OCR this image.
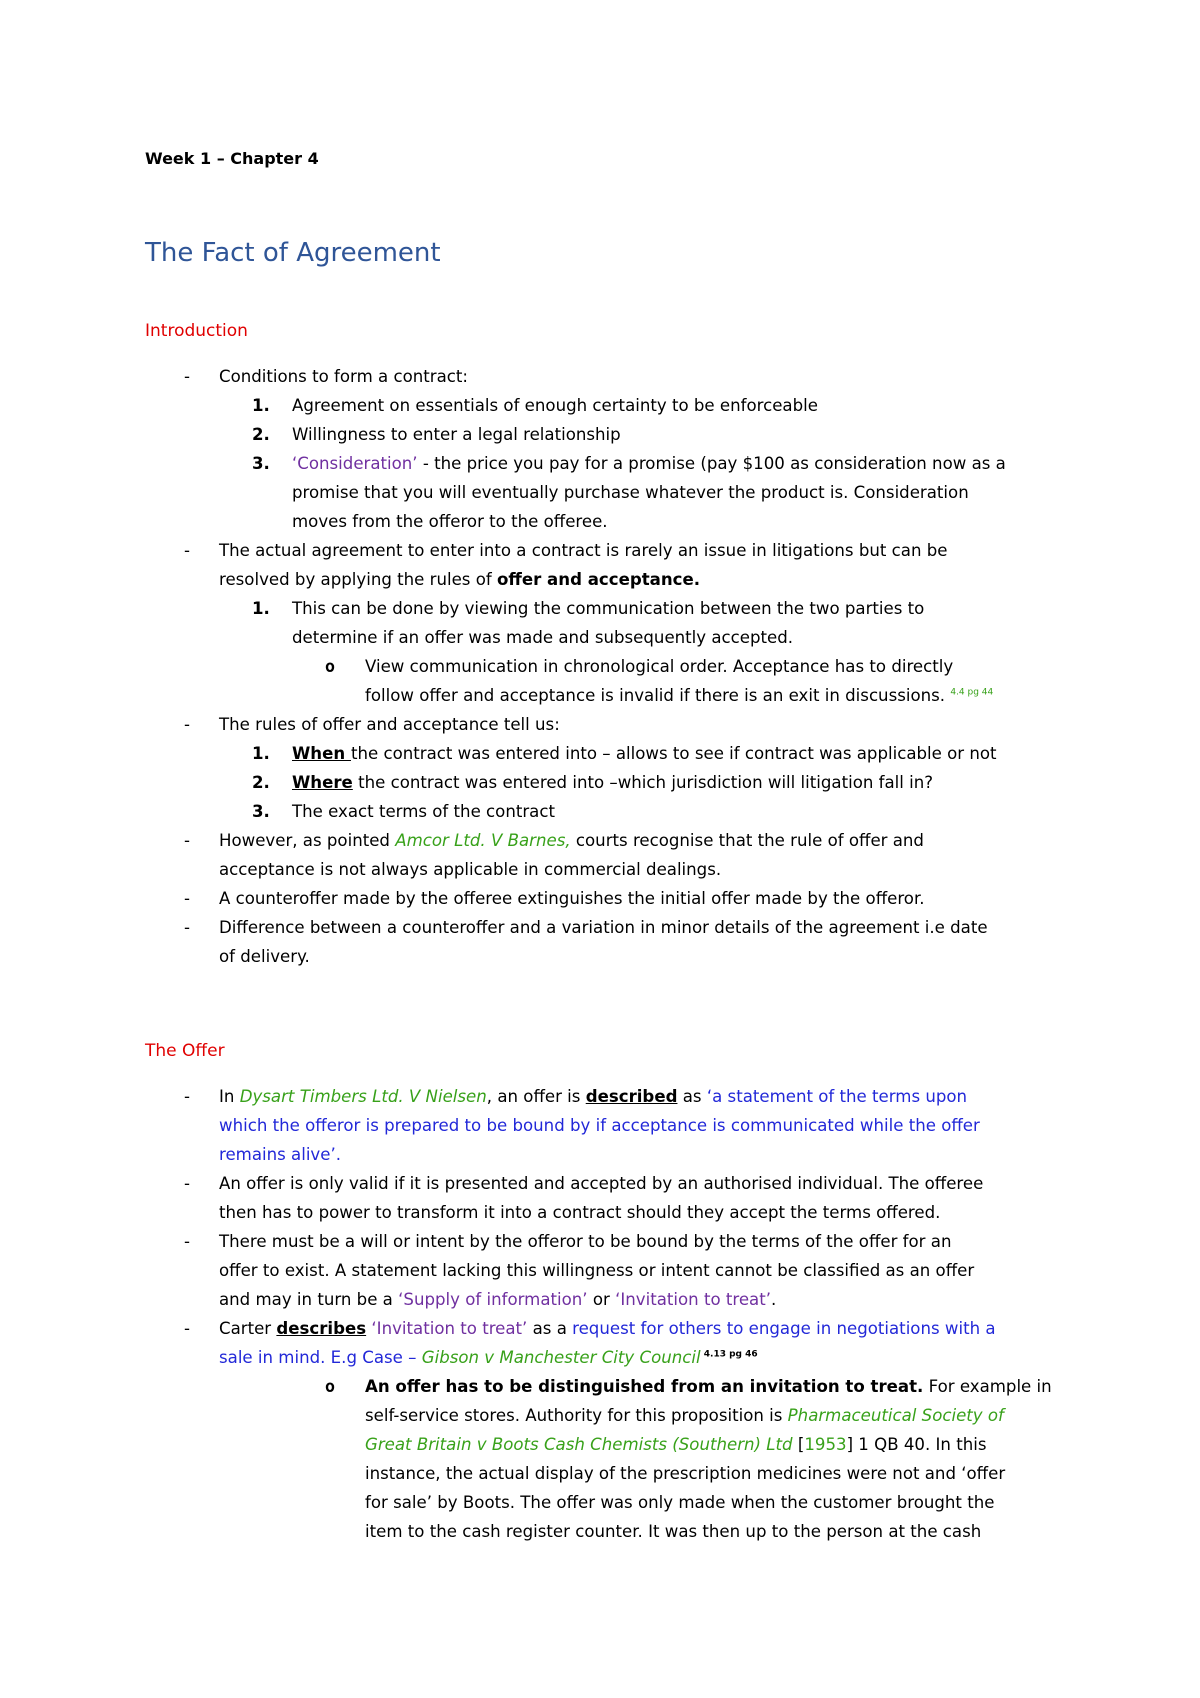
Week 1 – Chapter 4
The Fact of Agreement
Introduction
- Conditions to form a contract:
1. Agreement on essentials of enough certainty to be enforceable
2. Willingness to enter a legal relationship
3. ‘Consideration’ - the price you pay for a promise (pay $100 as consideration now as a
promise that you will eventually purchase whatever the product is. Consideration
moves from the offeror to the offeree.
- The actual agreement to enter into a contract is rarely an issue in litigations but can be
resolved by applying the rules of offer and acceptance.
1. This can be done by viewing the communication between the two parties to
determine if an offer was made and subsequently accepted.
o View communication in chronological order. Acceptance has to directly
follow offer and acceptance is invalid if there is an exit in discussions. $^{4.4 pg 44}$
- The rules of offer and acceptance tell us:
1. When the contract was entered into – allows to see if contract was applicable or not
2. Where the contract was entered into –which jurisdiction will litigation fall in?
3. The exact terms of the contract
- However, as pointed Amcor Ltd. V Barnes, courts recognise that the rule of offer and
acceptance is not always applicable in commercial dealings.
- A counteroffer made by the offeree extinguishes the initial offer made by the offeror.
- Difference between a counteroffer and a variation in minor details of the agreement i.e date
of delivery.
The Offer
- In Dysart Timbers Ltd. V Nielsen, an offer is described as ‘a statement of the terms upon
which the offeror is prepared to be bound by if acceptance is communicated while the offer
remains alive’.
- An offer is only valid if it is presented and accepted by an authorised individual. The offeree
then has to power to transform it into a contract should they accept the terms offered.
- There must be a will or intent by the offeror to be bound by the terms of the offer for an
offer to exist. A statement lacking this willingness or intent cannot be classified as an offer
and may in turn be a ‘Supply of information’ or ‘Invitation to treat’.
- Carter describes ‘Invitation to treat’ as a request for others to engage in negotiations with a
sale in mind. E.g Case – Gibson v Manchester City Council $^{4.13 pg 46}$
o An offer has to be distinguished from an invitation to treat. For example in
self-service stores. Authority for this proposition is Pharmaceutical Society of
Great Britain v Boots Cash Chemists (Southern) Ltd [1953] 1 QB 40. In this
instance, the actual display of the prescription medicines were not and ‘offer
for sale’ by Boots. The offer was only made when the customer brought the
item to the cash register counter. It was then up to the person at the cash
